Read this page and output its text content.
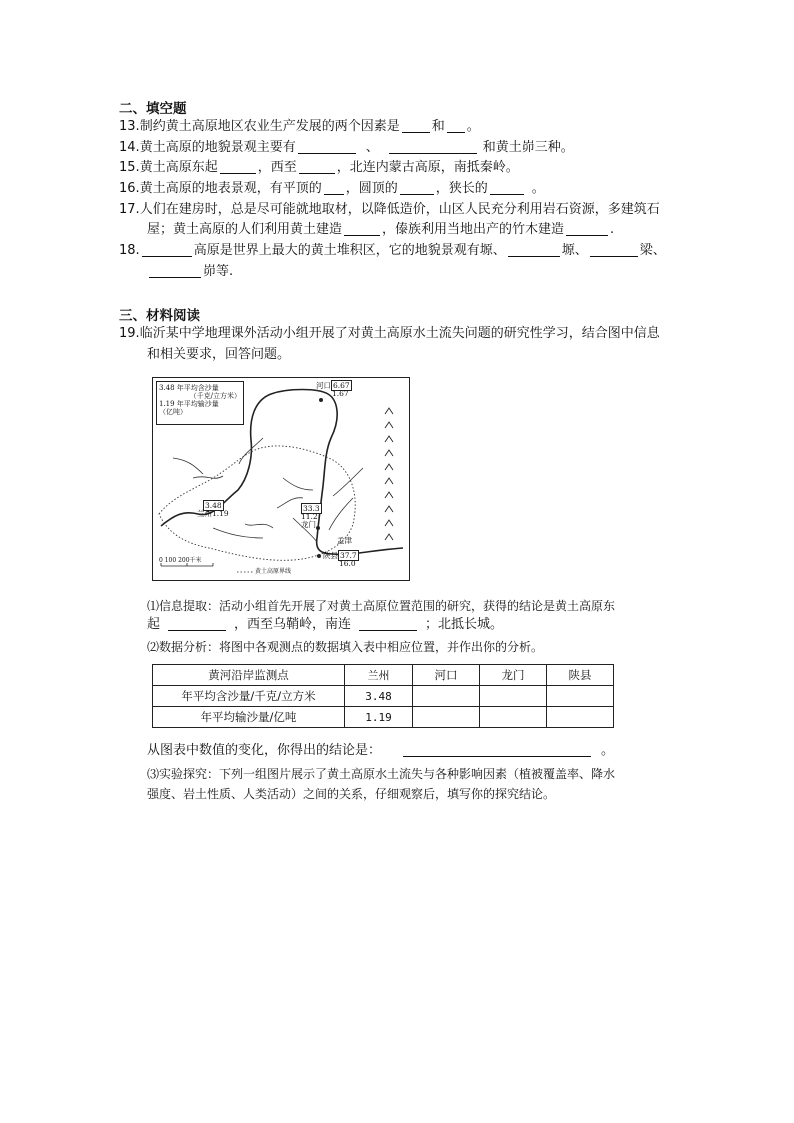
二、填空题
13.制约黄土高原地区农业生产发展的两个因素是 和 。
14.黄土高原的地貌景观主要有	、	和黄土峁三种。
15.黄土高原东起	，西至	，北连内蒙古高原，南抵秦岭。
16.黄土高原的地表景观，有平顶的 ，圆顶的	，狭长的	。
17.人们在建房时，总是尽可能就地取材，以降低造价，山区人民充分利用岩石资源，多建筑石
屋；黄土高原的人们利用黄土建造	，傣族利用当地出产的竹木建造	.
18.	高原是世界上最大的黄土堆积区，它的地貌景观有塬、	塬、	梁、
峁等.
三、材料阅读
19.临沂某中学地理课外活动小组开展了对黄土高原水土流失问题的研究性学习，结合图中信息
和相关要求，回答问题。
3.48 年平均含沙量
（千克/立方米）
1.19 年平均输沙量
（亿吨）
河口 6.67
1.67
3.48
兰州1.19
33.3
11.2
龙门
孟津
陕县 37.7
16.0
0 100 200千米
黄土高原界线
⑴信息提取：活动小组首先开展了对黄土高原位置范围的研究，获得的结论是黄土高原东
起	，西至乌鞘岭，南连	；北抵长城。
⑵数据分析：将图中各观测点的数据填入表中相应位置，并作出你的分析。
黄河沿岸监测点	兰州	河口	龙门	陕县
年平均含沙量/千克/立方米	3.48			
年平均输沙量/亿吨	1.19			
从图表中数值的变化，你得出的结论是：	。
⑶实验探究：下列一组图片展示了黄土高原水土流失与各种影响因素（植被覆盖率、降水
强度、岩土性质、人类活动）之间的关系，仔细观察后，填写你的探究结论。
